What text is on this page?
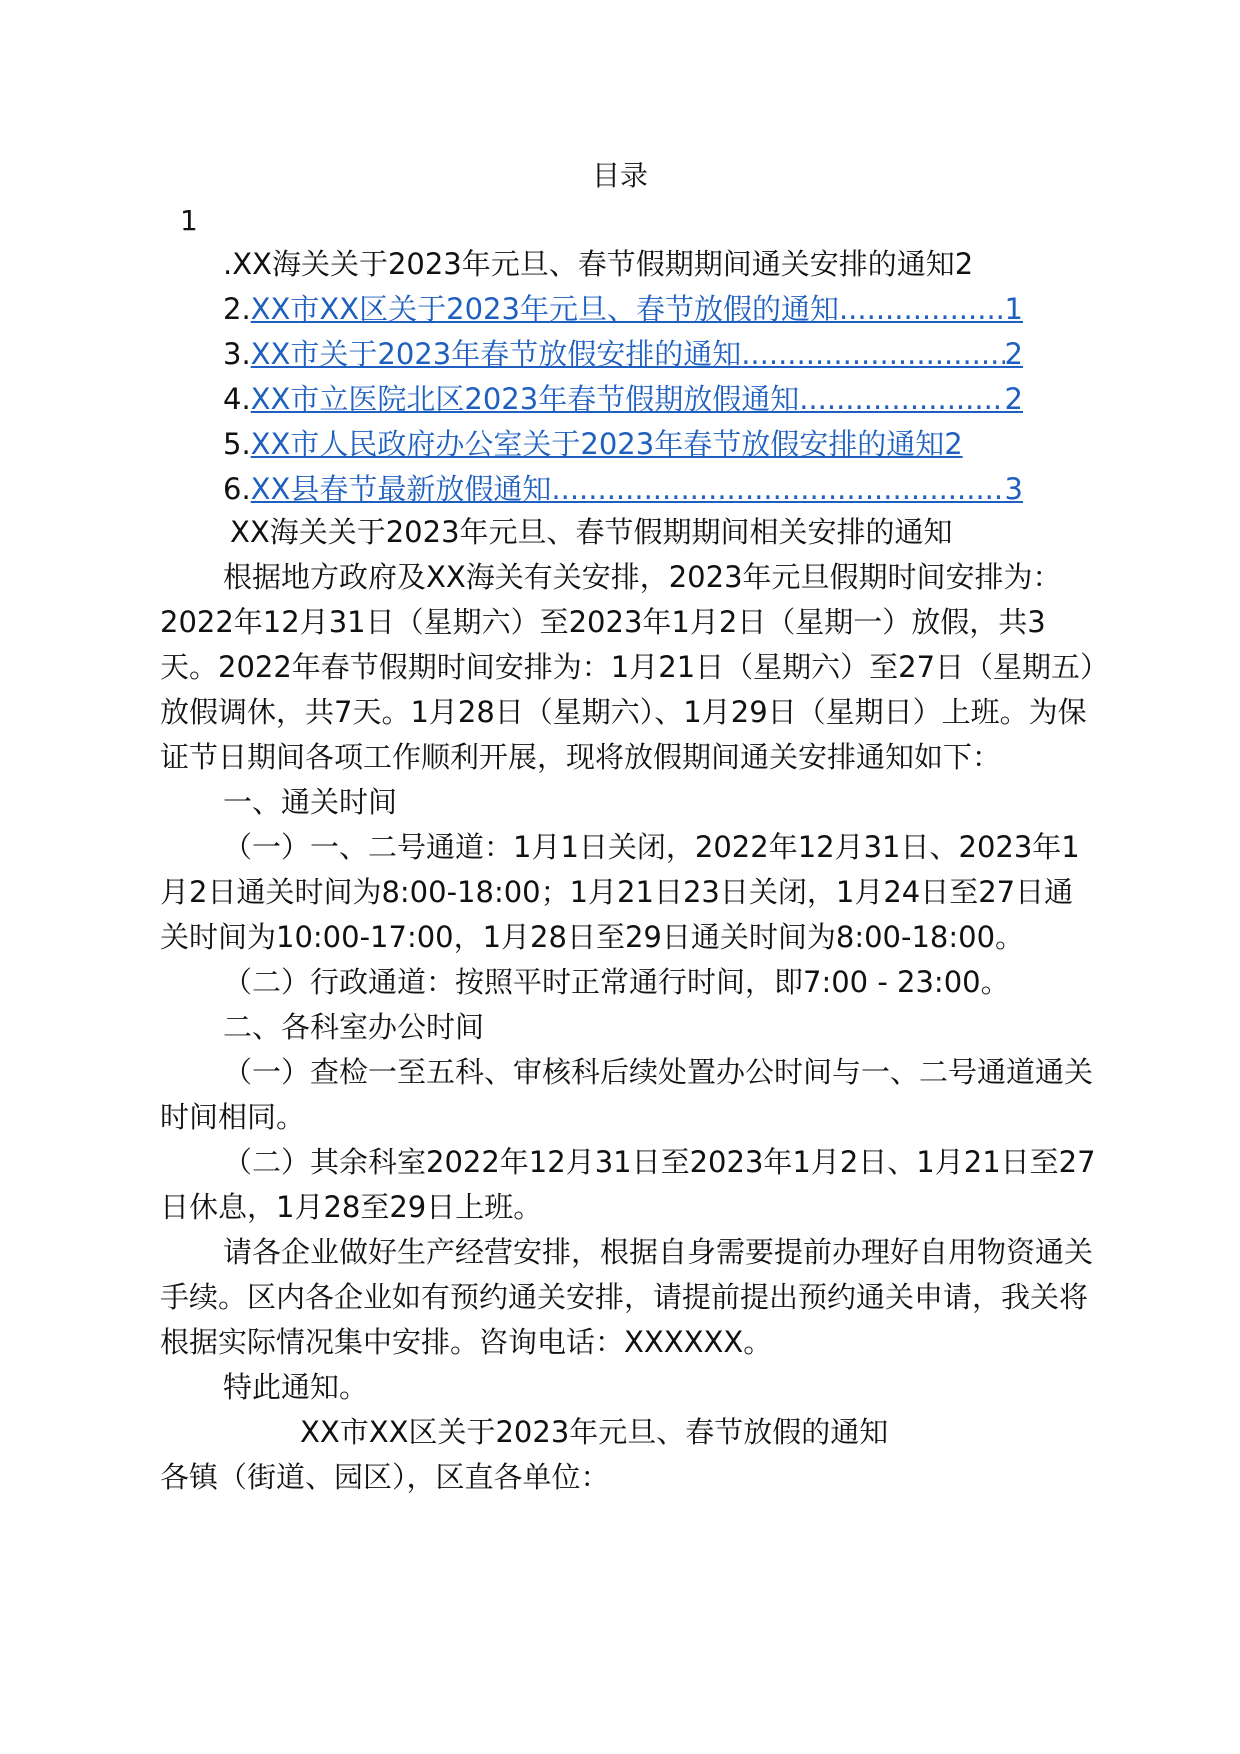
目录
1
.XX海关关于2023年元旦、春节假期期间通关安排的通知2
2. XX市XX区关于2023年元旦、春节放假的通知 .....	1
3. XX市关于2023年春节放假安排的通知 .....	2
4. XX市立医院北区2023年春节假期放假通知 .....	2
5. XX市人民政府办公室关于2023年春节放假安排的通知2
6. XX县春节最新放假通知 .....	3

XX海关关于2023年元旦、春节假期期间相关安排的通知

根据地方政府及XX海关有关安排，2023年元旦假期时间安排为：2022年12月31日（星期六）至2023年1月2日（星期一）放假，共3天。2022年春节假期时间安排为：1月21日（星期六）至27日（星期五）放假调休，共7天。1月28日（星期六）、1月29日（星期日）上班。为保证节日期间各项工作顺利开展，现将放假期间通关安排通知如下：

一、通关时间

（一）一、二号通道：1月1日关闭，2022年12月31日、2023年1月2日通关时间为8:00-18:00；1月21日23日关闭，1月24日至27日通关时间为10:00-17:00，1月28日至29日通关时间为8:00-18:00。

（二）行政通道：按照平时正常通行时间，即7:00 - 23:00。

二、各科室办公时间

（一）查检一至五科、审核科后续处置办公时间与一、二号通道通关时间相同。

（二）其余科室2022年12月31日至2023年1月2日、1月21日至27日休息，1月28至29日上班。

请各企业做好生产经营安排，根据自身需要提前办理好自用物资通关手续。区内各企业如有预约通关安排，请提前提出预约通关申请，我关将根据实际情况集中安排。咨询电话：XXXXXX。

特此通知。

XX市XX区关于2023年元旦、春节放假的通知

各镇（街道、园区），区直各单位：
